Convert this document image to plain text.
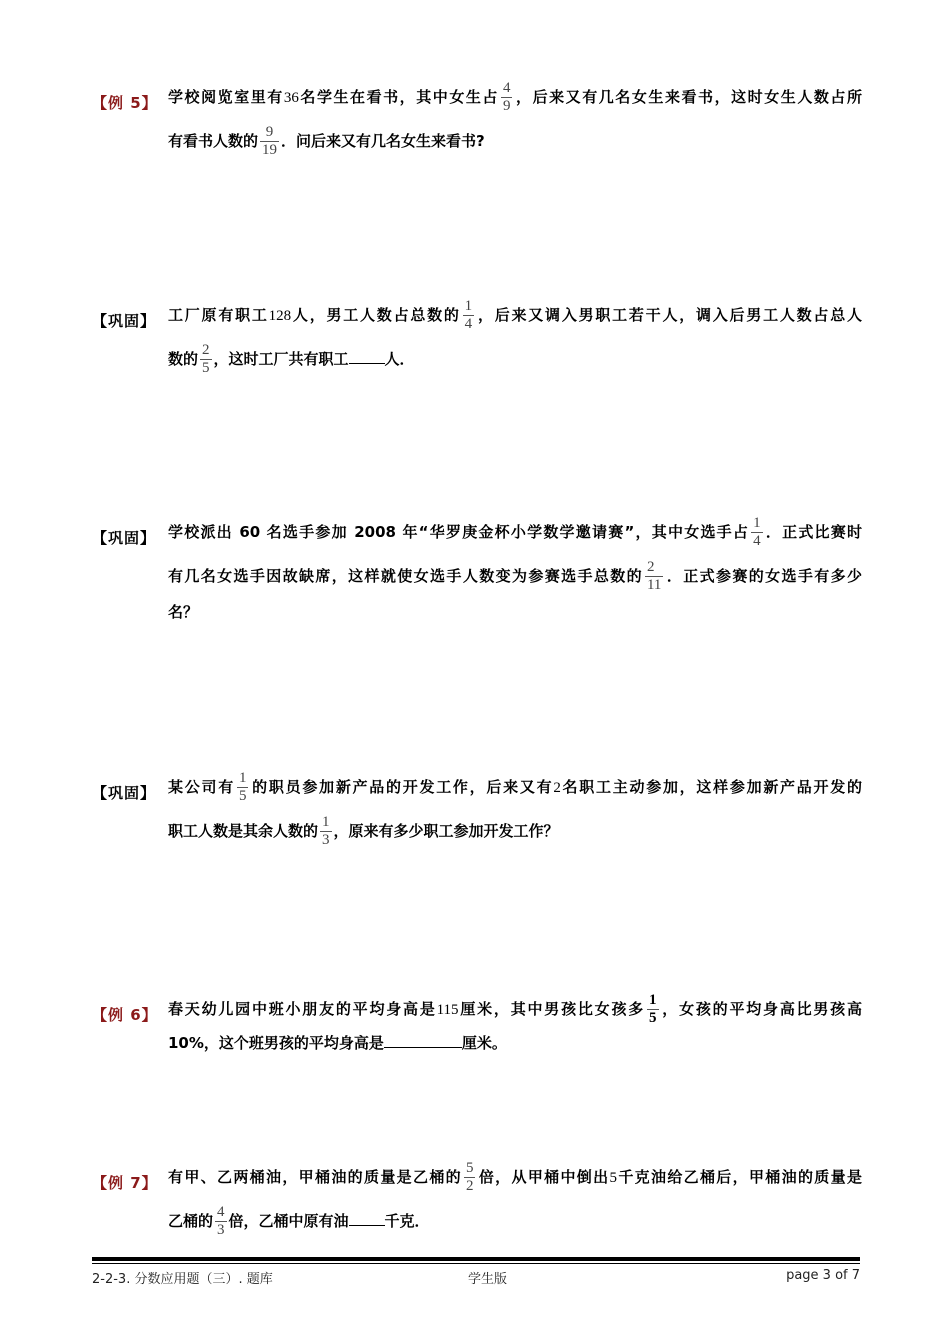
【例 5】 学校阅览室里有36名学生在看书，其中女生占 $\frac{4}{9}$ ，后来又有几名女生来看书，这时女生人数占所
有看书人数的 $\frac{9}{19}$ ．问后来又有几名女生来看书?
【巩固】 工厂原有职工128人，男工人数占总数的 $\frac{1}{4}$ ，后来又调入男职工若干人，调入后男工人数占总人
数的 $\frac{2}{5}$ ，这时工厂共有职工 人．
【巩固】 学校派出 60 名选手参加 2008 年“华罗庚金杯小学数学邀请赛”，其中女选手占 $\frac{1}{4}$ ．正式比赛时
有几名女选手因故缺席，这样就使女选手人数变为参赛选手总数的 $\frac{2}{11}$ ．正式参赛的女选手有多少
名？
【巩固】 某公司有 $\frac{1}{5}$ 的职员参加新产品的开发工作，后来又有2名职工主动参加，这样参加新产品开发的
职工人数是其余人数的 $\frac{1}{3}$ ，原来有多少职工参加开发工作？
【例 6】 春天幼儿园中班小朋友的平均身高是115厘米，其中男孩比女孩多 $\frac{1}{5}$ ，女孩的平均身高比男孩高
10%，这个班男孩的平均身高是	厘米。
【例 7】 有甲、乙两桶油，甲桶油的质量是乙桶的 $\frac{5}{2}$ 倍，从甲桶中倒出5千克油给乙桶后，甲桶油的质量是
乙桶的 $\frac{4}{3}$ 倍，乙桶中原有油 千克．
2-2-3. 分数应用题（三）. 题库	学生版	page 3 of 7
